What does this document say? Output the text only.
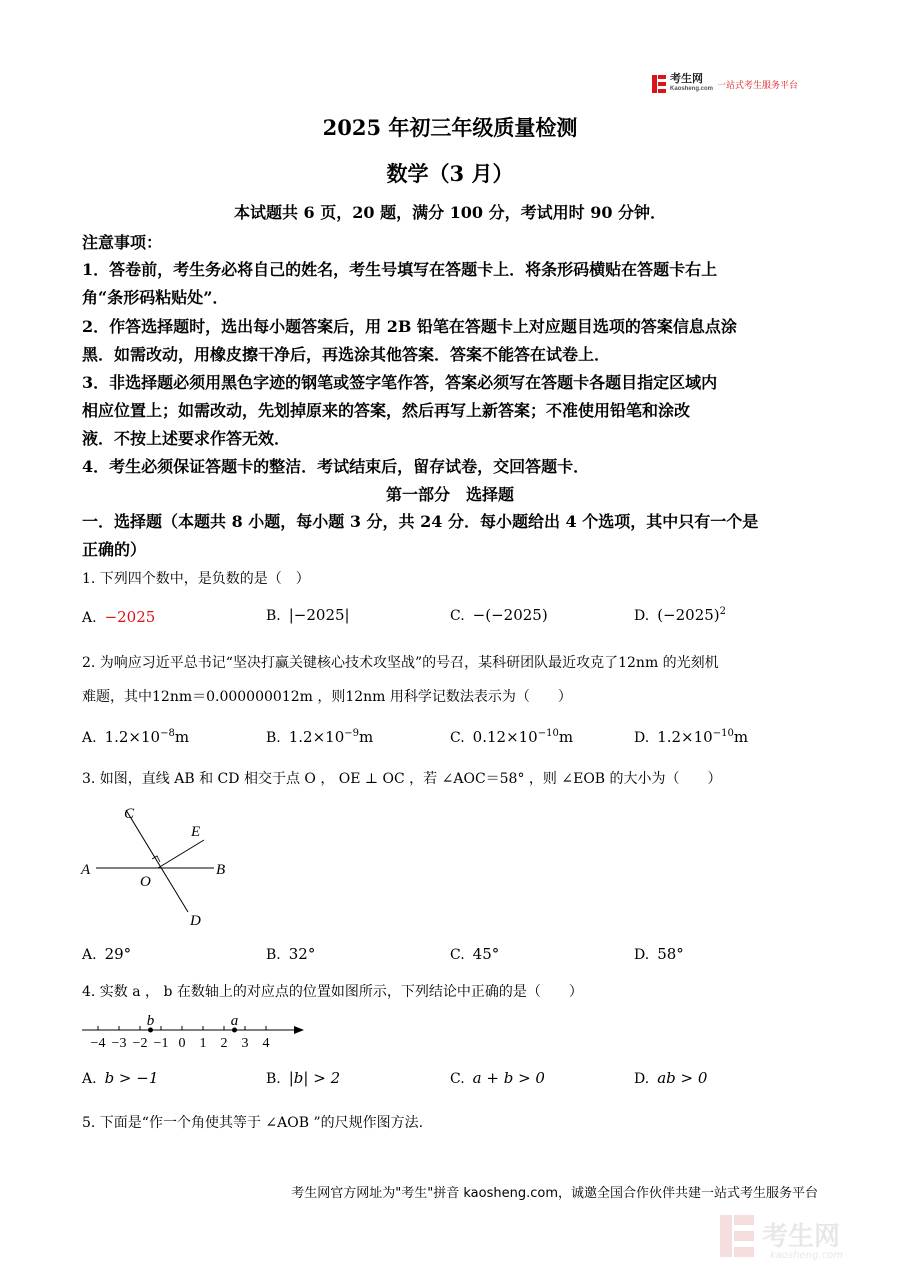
考生网
Kaosheng.com 一站式考生服务平台
2025 年初三年级质量检测
数学（3 月）
本试题共 6 页，20 题，满分 100 分，考试用时 90 分钟．
注意事项：
1．答卷前，考生务必将自己的姓名，考生号填写在答题卡上．将条形码横贴在答题卡右上
角“条形码粘贴处”．
2．作答选择题时，选出每小题答案后，用 2B 铅笔在答题卡上对应题目选项的答案信息点涂
黑．如需改动，用橡皮擦干净后，再选涂其他答案．答案不能答在试卷上．
3．非选择题必须用黑色字迹的钢笔或签字笔作答，答案必须写在答题卡各题目指定区域内
相应位置上；如需改动，先划掉原来的答案，然后再写上新答案；不准使用铅笔和涂改
液．不按上述要求作答无效．
4．考生必须保证答题卡的整洁．考试结束后，留存试卷，交回答题卡．
第一部分　选择题
一．选择题（本题共 8 小题，每小题 3 分，共 24 分．每小题给出 4 个选项，其中只有一个是
正确的）
1. 下列四个数中，是负数的是（　）
A. −2025	B. |−2025|	C. −(−2025)	D. $(-2025)^2$
2. 为响应习近平总书记“坚决打赢关键核心技术攻坚战”的号召，某科研团队最近攻克了12nm 的光刻机
难题，其中12nm＝0.000000012m ，则12nm 用科学记数法表示为（　　）
A. $1.2\times 10^{-8}m$	B. $1.2\times 10^{-9}m$	C. $0.12\times 10^{-10}m$	D. $1.2\times 10^{-10}m$
3. 如图，直线 AB 和 CD 相交于点 O ， OE ⊥ OC ，若 ∠AOC＝58° ，则 ∠EOB 的大小为（　　）
A	B
C
D
E
O
A. 29°	B. 32°	C. 45°	D. 58°
4. 实数 a ， b 在数轴上的对应点的位置如图所示，下列结论中正确的是（　　）
−4 −3 −2 −1 0 1 2 3 4
b	a
A. b > −1	B. |b| > 2	C. a + b > 0	D. ab > 0
5. 下面是“作一个角使其等于 ∠AOB ”的尺规作图方法.
考生网官方网址为"考生"拼音 kaosheng.com，诚邀全国合作伙伴共建一站式考生服务平台
考生网
kaosheng.com
